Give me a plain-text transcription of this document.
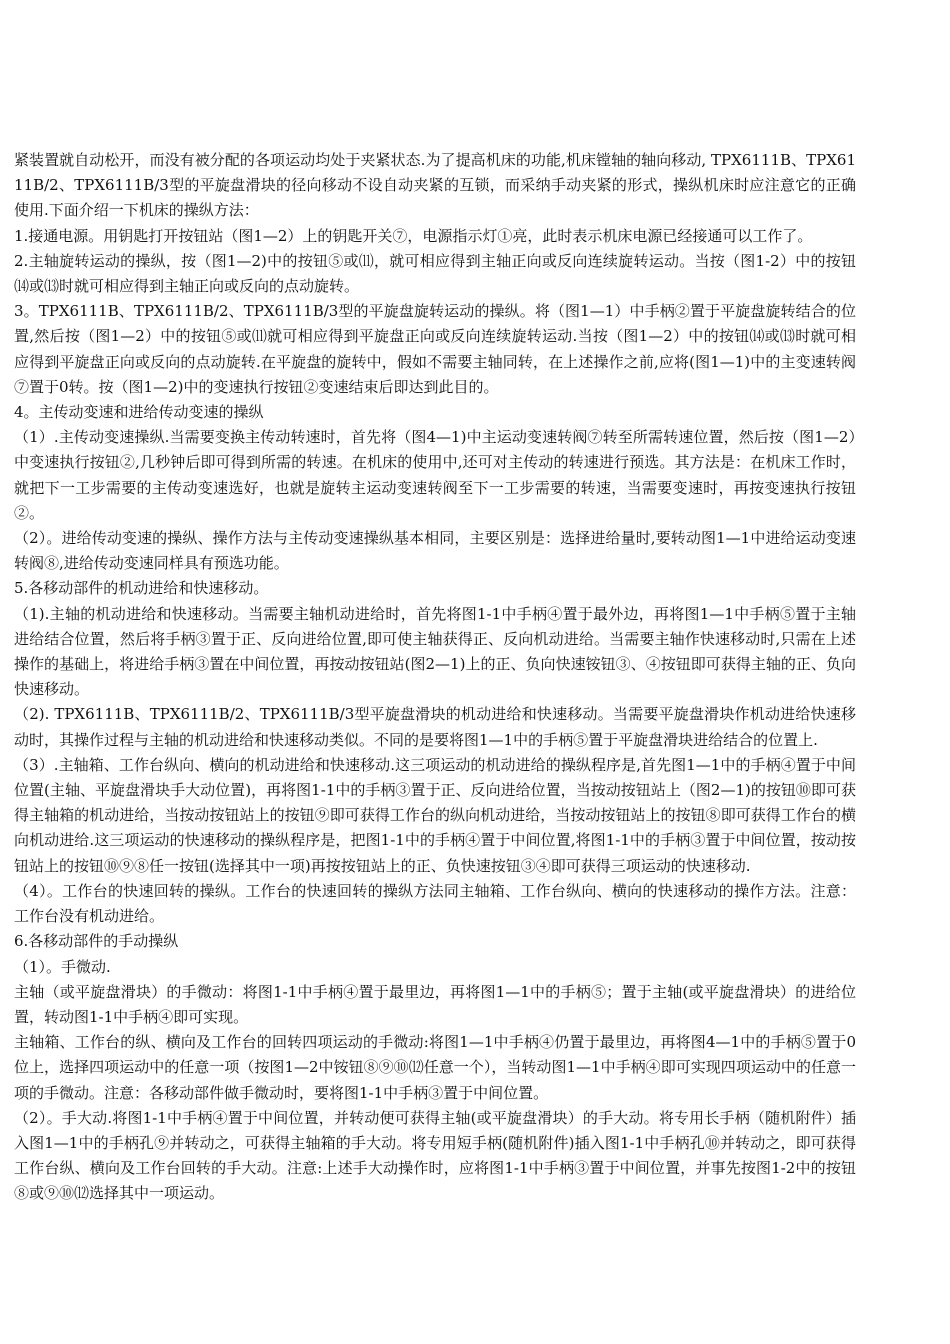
紧装置就自动松开，而没有被分配的各项运动均处于夹紧状态.为了提高机床的功能,机床镗轴的轴向移动, TPX6111B、TPX6111B/2、TPX6111B/3型的平旋盘滑块的径向移动不设自动夹紧的互锁，而采纳手动夹紧的形式，操纵机床时应注意它的正确使用.下面介绍一下机床的操纵方法：

1.接通电源。用钥匙打开按钮站（图1—2）上的钥匙开关⑦，电源指示灯①亮，此时表示机床电源已经接通可以工作了。

2.主轴旋转运动的操纵，按（图1—2)中的按钮⑤或⑾，就可相应得到主轴正向或反向连续旋转运动。当按（图1-2）中的按钮⒁或⒀时就可相应得到主轴正向或反向的点动旋转。

3。TPX6111B、TPX6111B/2、TPX6111B/3型的平旋盘旋转运动的操纵。将（图1—1）中手柄②置于平旋盘旋转结合的位置,然后按（图1—2）中的按钮⑤或⑾就可相应得到平旋盘正向或反向连续旋转运动.当按（图1—2）中的按钮⒁或⒀时就可相应得到平旋盘正向或反向的点动旋转.在平旋盘的旋转中，假如不需要主轴同转，在上述操作之前,应将(图1—1)中的主变速转阀⑦置于0转。按（图1—2)中的变速执行按钮②变速结束后即达到此目的。

4。主传动变速和进给传动变速的操纵

（1）.主传动变速操纵.当需要变换主传动转速时，首先将（图4—1)中主运动变速转阀⑦转至所需转速位置，然后按（图1—2）中变速执行按钮②,几秒钟后即可得到所需的转速。在机床的使用中,还可对主传动的转速进行预选。其方法是：在机床工作时，就把下一工步需要的主传动变速选好，也就是旋转主运动变速转阀至下一工步需要的转速，当需要变速时，再按变速执行按钮②。

（2）。进给传动变速的操纵、操作方法与主传动变速操纵基本相同，主要区别是：选择进给量时,要转动图1—1中进给运动变速转阀⑧,进给传动变速同样具有预选功能。

5.各移动部件的机动进给和快速移动。

（1).主轴的机动进给和快速移动。当需要主轴机动进给时，首先将图1-1中手柄④置于最外边，再将图1—1中手柄⑤置于主轴进给结合位置，然后将手柄③置于正、反向进给位置,即可使主轴获得正、反向机动进给。当需要主轴作快速移动时,只需在上述操作的基础上，将进给手柄③置在中间位置，再按动按钮站(图2—1)上的正、负向快速铵钮③、④按钮即可获得主轴的正、负向快速移动。

（2). TPX6111B、TPX6111B/2、TPX6111B/3型平旋盘滑块的机动进给和快速移动。当需要平旋盘滑块作机动进给快速移动时，其操作过程与主轴的机动进给和快速移动类似。不同的是要将图1—1中的手柄⑤置于平旋盘滑块进给结合的位置上.

（3）.主轴箱、工作台纵向、横向的机动进给和快速移动.这三项运动的机动进给的操纵程序是,首先图1—1中的手柄④置于中间位置(主轴、平旋盘滑块手大动位置)，再将图1-1中的手柄③置于正、反向进给位置，当按动按钮站上（图2—1)的按钮⑩即可获得主轴箱的机动进给，当按动按钮站上的按钮⑨即可获得工作台的纵向机动进给，当按动按钮站上的按钮⑧即可获得工作台的横向机动进给.这三项运动的快速移动的操纵程序是，把图1-1中的手柄④置于中间位置,将图1-1中的手柄③置于中间位置，按动按钮站上的按钮⑩⑨⑧任一按钮(选择其中一项)再按按钮站上的正、负快速按钮③④即可获得三项运动的快速移动.

（4）。工作台的快速回转的操纵。工作台的快速回转的操纵方法同主轴箱、工作台纵向、横向的快速移动的操作方法。注意：工作台没有机动进给。

6.各移动部件的手动操纵

（1）。手微动.

主轴（或平旋盘滑块）的手微动：将图1-1中手柄④置于最里边，再将图1—1中的手柄⑤；置于主轴(或平旋盘滑块）的进给位置，转动图1-1中手柄④即可实现。

主轴箱、工作台的纵、横向及工作台的回转四项运动的手微动:将图1—1中手柄④仍置于最里边，再将图4—1中的手柄⑤置于0位上，选择四项运动中的任意一项（按图1—2中铵钮⑧⑨⑩⑿任意一个），当转动图1—1中手柄④即可实现四项运动中的任意一项的手微动。注意：各移动部件做手微动时，要将图1-1中手柄③置于中间位置。

（2）。手大动.将图1-1中手柄④置于中间位置，并转动便可获得主轴(或平旋盘滑块）的手大动。将专用长手柄（随机附件）插入图1—1中的手柄孔⑨并转动之，可获得主轴箱的手大动。将专用短手柄(随机附件)插入图1-1中手柄孔⑩并转动之，即可获得工作台纵、横向及工作台回转的手大动。注意:上述手大动操作时，应将图1-1中手柄③置于中间位置，并事先按图1-2中的按钮⑧或⑨⑩⑿选择其中一项运动。
